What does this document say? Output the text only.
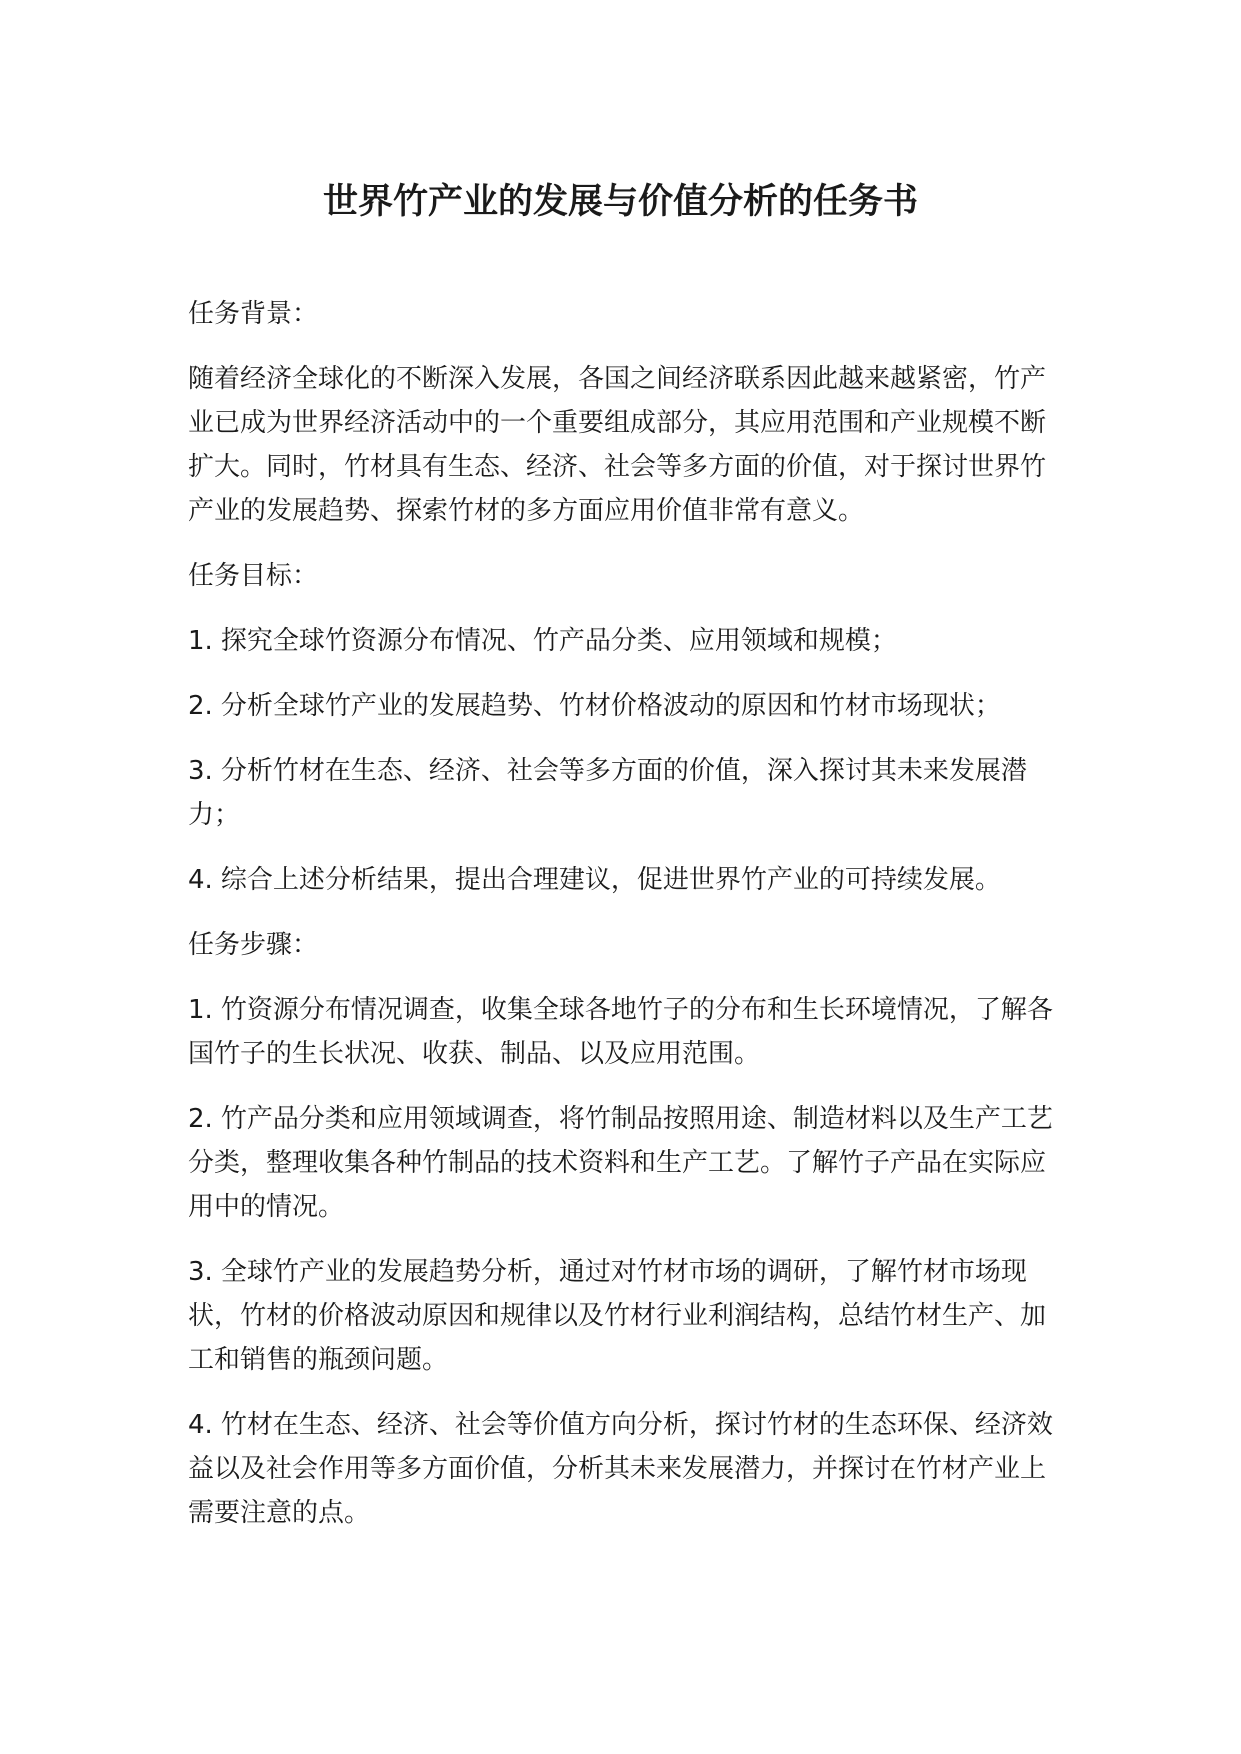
世界竹产业的发展与价值分析的任务书
任务背景：
随着经济全球化的不断深入发展，各国之间经济联系因此越来越紧密，竹产业已成为世界经济活动中的一个重要组成部分，其应用范围和产业规模不断扩大。同时，竹材具有生态、经济、社会等多方面的价值，对于探讨世界竹产业的发展趋势、探索竹材的多方面应用价值非常有意义。
任务目标：
1. 探究全球竹资源分布情况、竹产品分类、应用领域和规模；
2. 分析全球竹产业的发展趋势、竹材价格波动的原因和竹材市场现状；
3. 分析竹材在生态、经济、社会等多方面的价值，深入探讨其未来发展潜力；
4. 综合上述分析结果，提出合理建议，促进世界竹产业的可持续发展。
任务步骤：
1. 竹资源分布情况调查，收集全球各地竹子的分布和生长环境情况，了解各国竹子的生长状况、收获、制品、以及应用范围。
2. 竹产品分类和应用领域调查，将竹制品按照用途、制造材料以及生产工艺分类，整理收集各种竹制品的技术资料和生产工艺。了解竹子产品在实际应用中的情况。
3. 全球竹产业的发展趋势分析，通过对竹材市场的调研，了解竹材市场现状，竹材的价格波动原因和规律以及竹材行业利润结构，总结竹材生产、加工和销售的瓶颈问题。
4. 竹材在生态、经济、社会等价值方向分析，探讨竹材的生态环保、经济效益以及社会作用等多方面价值，分析其未来发展潜力，并探讨在竹材产业上需要注意的点。
